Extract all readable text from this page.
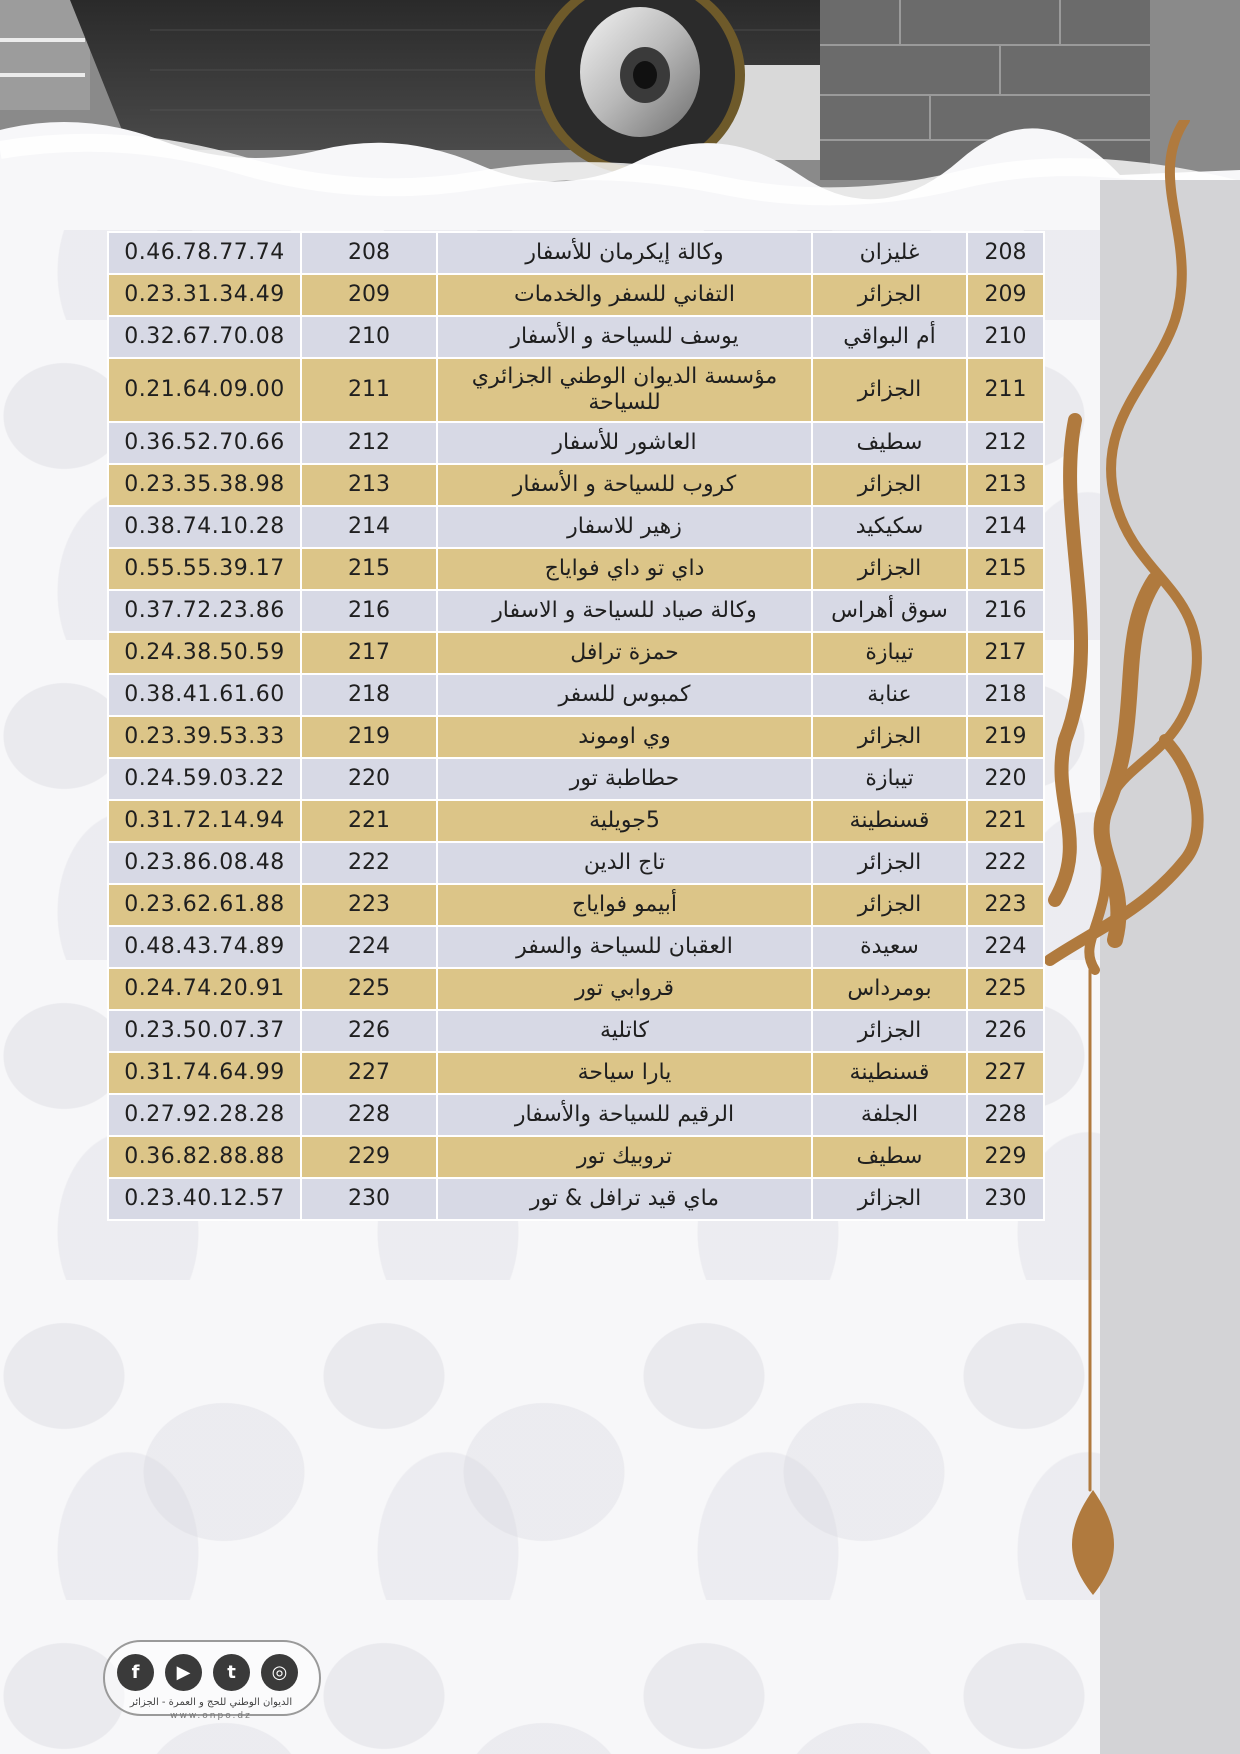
0.46.78.77.74	208	وكالة إيكرمان للأسفار	غليزان	208
0.23.31.34.49	209	التفاني للسفر والخدمات	الجزائر	209
0.32.67.70.08	210	يوسف للسياحة و الأسفار	أم البواقي	210
0.21.64.09.00	211	مؤسسة الديوان الوطني الجزائري للسياحة	الجزائر	211
0.36.52.70.66	212	العاشور للأسفار	سطيف	212
0.23.35.38.98	213	كروب للسياحة و الأسفار	الجزائر	213
0.38.74.10.28	214	زهير للاسفار	سكيكيد	214
0.55.55.39.17	215	داي تو داي فواياج	الجزائر	215
0.37.72.23.86	216	وكالة صياد للسياحة و الاسفار	سوق أهراس	216
0.24.38.50.59	217	حمزة ترافل	تيبازة	217
0.38.41.61.60	218	كمبوس للسفر	عنابة	218
0.23.39.53.33	219	وي اوموند	الجزائر	219
0.24.59.03.22	220	حطاطبة تور	تيبازة	220
0.31.72.14.94	221	5جويلية	قسنطينة	221
0.23.86.08.48	222	تاج الدين	الجزائر	222
0.23.62.61.88	223	أبيمو فواياج	الجزائر	223
0.48.43.74.89	224	العقبان للسياحة والسفر	سعيدة	224
0.24.74.20.91	225	قروابي تور	بومرداس	225
0.23.50.07.37	226	كاتلية	الجزائر	226
0.31.74.64.99	227	يارا سياحة	قسنطينة	227
0.27.92.28.28	228	الرقيم للسياحة والأسفار	الجلفة	228
0.36.82.88.88	229	تروبيك تور	سطيف	229
0.23.40.12.57	230	ماي قيد ترافل & تور	الجزائر	230
f	▶	t	◎
الديوان الوطني للحج و العمرة - الجزائر
www.onpo.dz
